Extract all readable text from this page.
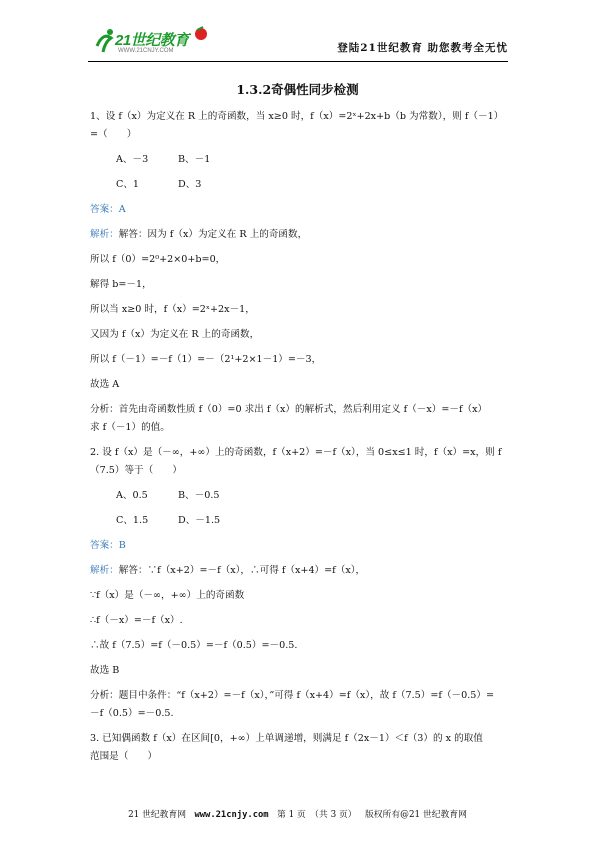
21世纪教育
WWW.21CNJY.COM	登陆21世纪教育 助您教考全无忧
1.3.2奇偶性同步检测
1、设 f（x）为定义在 R 上的奇函数，当 x≥0 时，f（x）=2ˣ+2x+b（b 为常数），则 f（－1）
=（　　）
A、－3	B、－1
C、1	D、3
答案：A
解析：解答：因为 f（x）为定义在 R 上的奇函数，
所以 f（0）=2⁰+2×0+b=0，
解得 b=－1，
所以当 x≥0 时，f（x）=2ˣ+2x－1，
又因为 f（x）为定义在 R 上的奇函数，
所以 f（－1）=－f（1）=－（2¹+2×1－1）=－3，
故选 A
分析：首先由奇函数性质 f（0）=0 求出 f（x）的解析式，然后利用定义 f（－x）=－f（x）
求 f（－1）的值。
2. 设 f（x）是（－∞，+∞）上的奇函数，f（x+2）=－f（x），当 0≤x≤1 时，f（x）=x，则 f
（7.5）等于（　　）
A、0.5	B、－0.5
C、1.5	D、－1.5
答案：B
解析：解答：∵f（x+2）=－f（x），∴可得 f（x+4）=f（x），
∵f（x）是（－∞，+∞）上的奇函数
∴f（－x）=－f（x）.
∴故 f（7.5）=f（－0.5）=－f（0.5）=－0.5.
故选 B
分析：题目中条件：“f（x+2）=－f（x），”可得 f（x+4）=f（x），故 f（7.5）=f（－0.5）=
－f（0.5）=－0.5.
3. 已知偶函数 f（x）在区间[0，+∞）上单调递增，则满足 f（2x－1）＜f（3）的 x 的取值
范围是（　　）
21 世纪教育网 www.21cnjy.com 第 1 页　（共 3 页） 版权所有@21 世纪教育网
